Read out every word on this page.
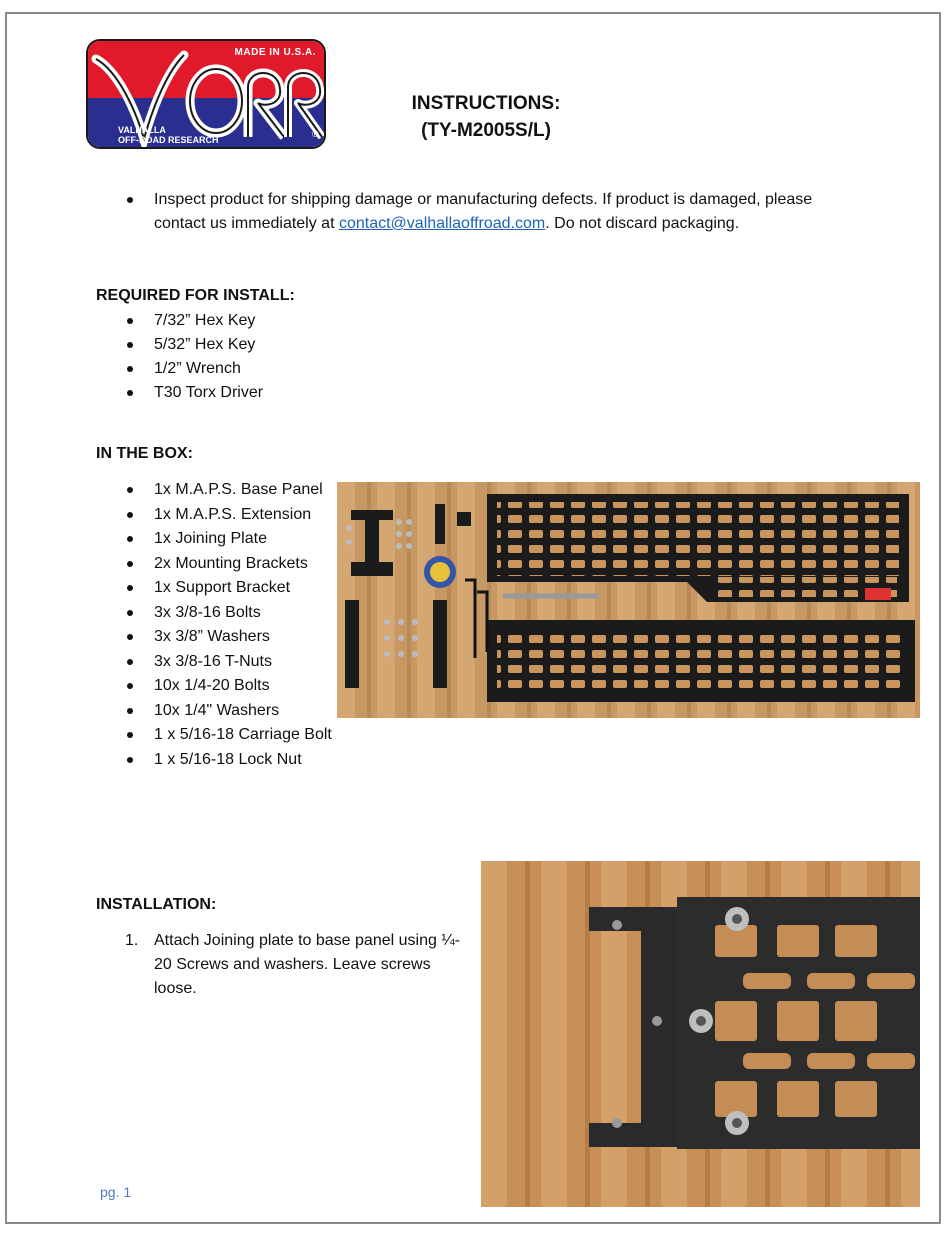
MADE IN U.S.A.
VALHALLA
OFF-ROAD RESEARCH
®
INSTRUCTIONS:
(TY-M2005S/L)
Inspect product for shipping damage or manufacturing defects. If product is damaged, please contact us immediately at contact@valhallaoffroad.com. Do not discard packaging.
REQUIRED FOR INSTALL:
7/32” Hex Key
5/32” Hex Key
1/2” Wrench
T30 Torx Driver
IN THE BOX:
1x M.A.P.S. Base Panel
1x M.A.P.S. Extension
1x Joining Plate
2x Mounting Brackets
1x Support Bracket
3x 3/8-16 Bolts
3x 3/8” Washers
3x 3/8-16 T-Nuts
10x 1/4-20 Bolts
10x 1/4" Washers
1 x 5/16-18 Carriage Bolt
1 x 5/16-18 Lock Nut
INSTALLATION:
1. Attach Joining plate to base panel using ¼-
20 Screws and washers. Leave screws
loose.
pg. 1
